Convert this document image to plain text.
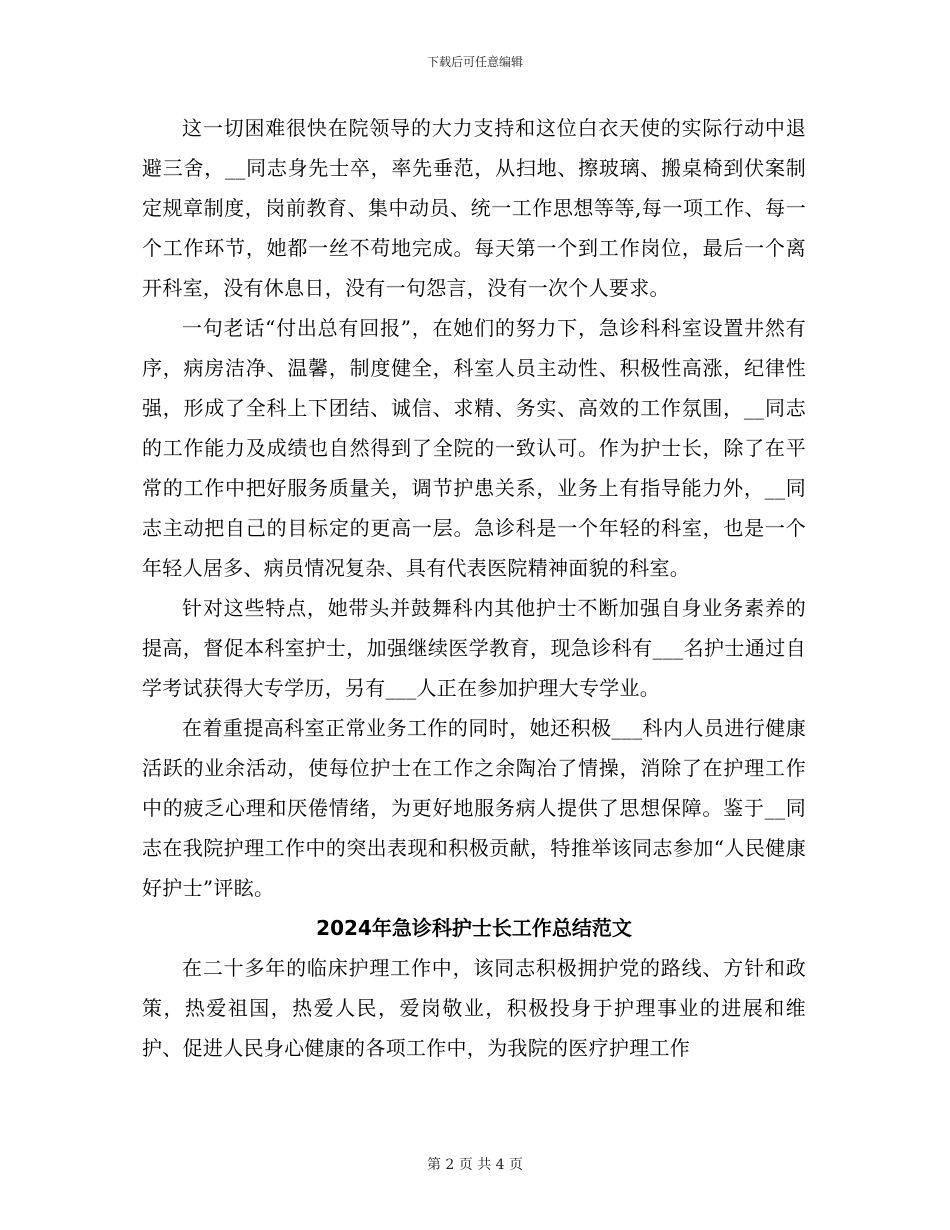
下载后可任意编辑

这一切困难很快在院领导的大力支持和这位白衣天使的实际行动中退避三舍，__同志身先士卒，率先垂范，从扫地、擦玻璃、搬桌椅到伏案制定规章制度，岗前教育、集中动员、统一工作思想等等,每一项工作、每一个工作环节，她都一丝不苟地完成。每天第一个到工作岗位，最后一个离开科室，没有休息日，没有一句怨言，没有一次个人要求。

一句老话“付出总有回报”，在她们的努力下，急诊科科室设置井然有序，病房洁净、温馨，制度健全，科室人员主动性、积极性高涨，纪律性强，形成了全科上下团结、诚信、求精、务实、高效的工作氛围，__同志的工作能力及成绩也自然得到了全院的一致认可。作为护士长，除了在平常的工作中把好服务质量关，调节护患关系，业务上有指导能力外，__同志主动把自己的目标定的更高一层。急诊科是一个年轻的科室，也是一个年轻人居多、病员情况复杂、具有代表医院精神面貌的科室。

针对这些特点，她带头并鼓舞科内其他护士不断加强自身业务素养的提高，督促本科室护士，加强继续医学教育，现急诊科有___名护士通过自学考试获得大专学历，另有___人正在参加护理大专学业。

在着重提高科室正常业务工作的同时，她还积极___科内人员进行健康活跃的业余活动，使每位护士在工作之余陶冶了情操，消除了在护理工作中的疲乏心理和厌倦情绪，为更好地服务病人提供了思想保障。鉴于__同志在我院护理工作中的突出表现和积极贡献，特推举该同志参加“人民健康好护士”评眩。

2024年急诊科护士长工作总结范文

在二十多年的临床护理工作中，该同志积极拥护党的路线、方针和政策，热爱祖国，热爱人民，爱岗敬业，积极投身于护理事业的进展和维护、促进人民身心健康的各项工作中，为我院的医疗护理工作

第 2 页 共 4 页
